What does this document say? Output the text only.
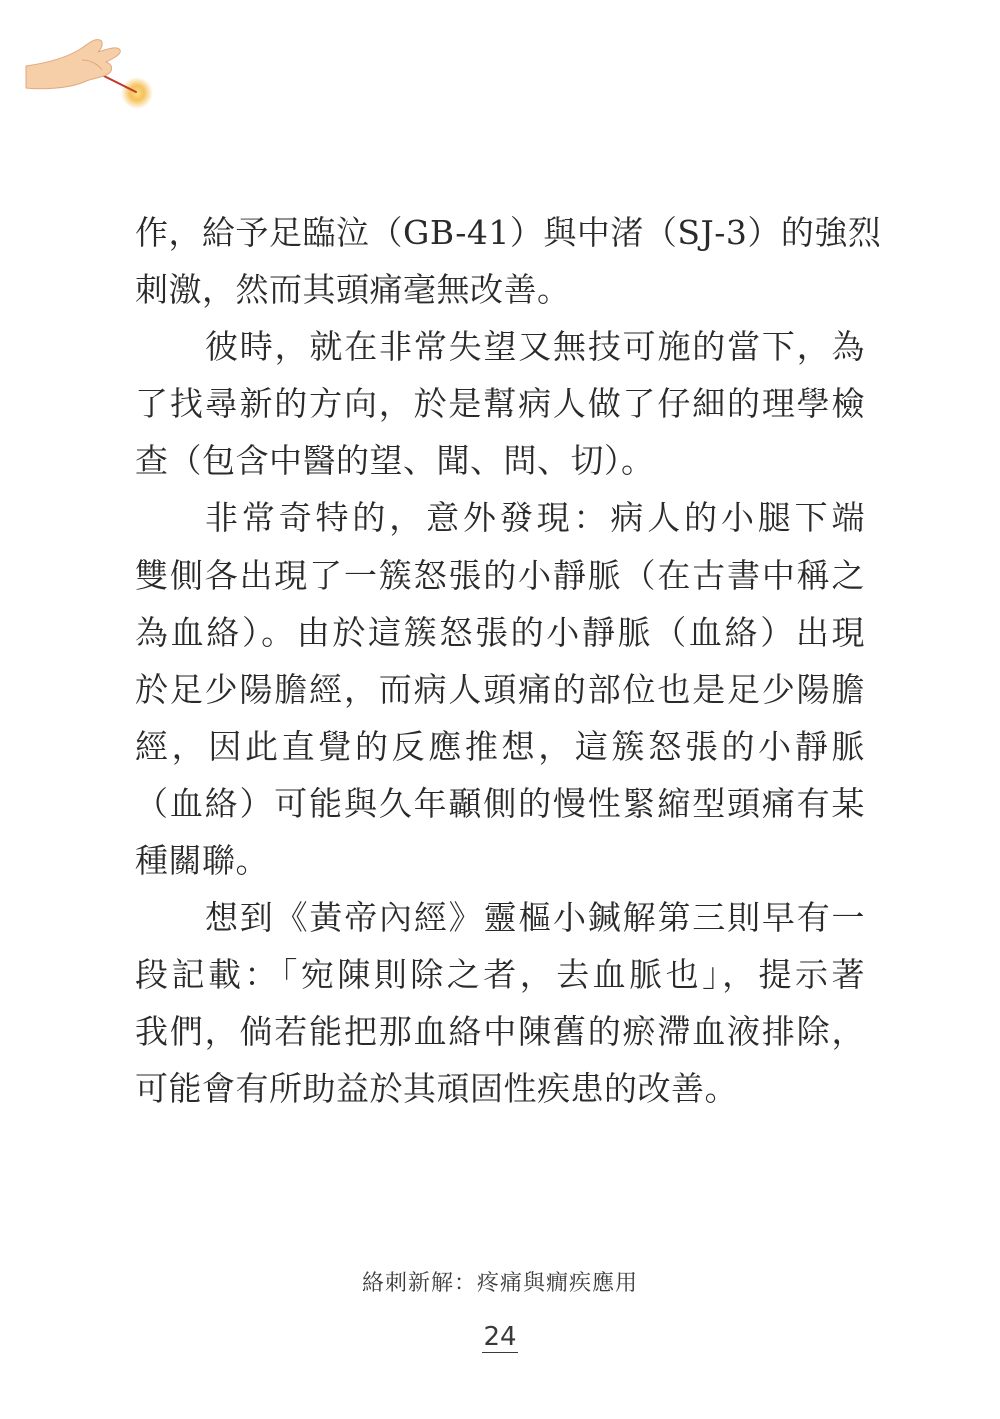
作，給予足臨泣（GB-41）與中渚（SJ-3）的強烈
刺激，然而其頭痛毫無改善。
彼時，就在非常失望又無技可施的當下，為
了找尋新的方向，於是幫病人做了仔細的理學檢
查（包含中醫的望、聞、問、切）。
非常奇特的，意外發現：病人的小腿下端
雙側各出現了一簇怒張的小靜脈（在古書中稱之
為血絡）。由於這簇怒張的小靜脈（血絡）出現
於足少陽膽經，而病人頭痛的部位也是足少陽膽
經，因此直覺的反應推想，這簇怒張的小靜脈
（血絡）可能與久年顳側的慢性緊縮型頭痛有某
種關聯。
想到《黃帝內經》靈樞小鍼解第三則早有一
段記載：「宛陳則除之者，去血脈也」，提示著
我們，倘若能把那血絡中陳舊的瘀滯血液排除，
可能會有所助益於其頑固性疾患的改善。
絡刺新解：疼痛與癇疾應用
24
